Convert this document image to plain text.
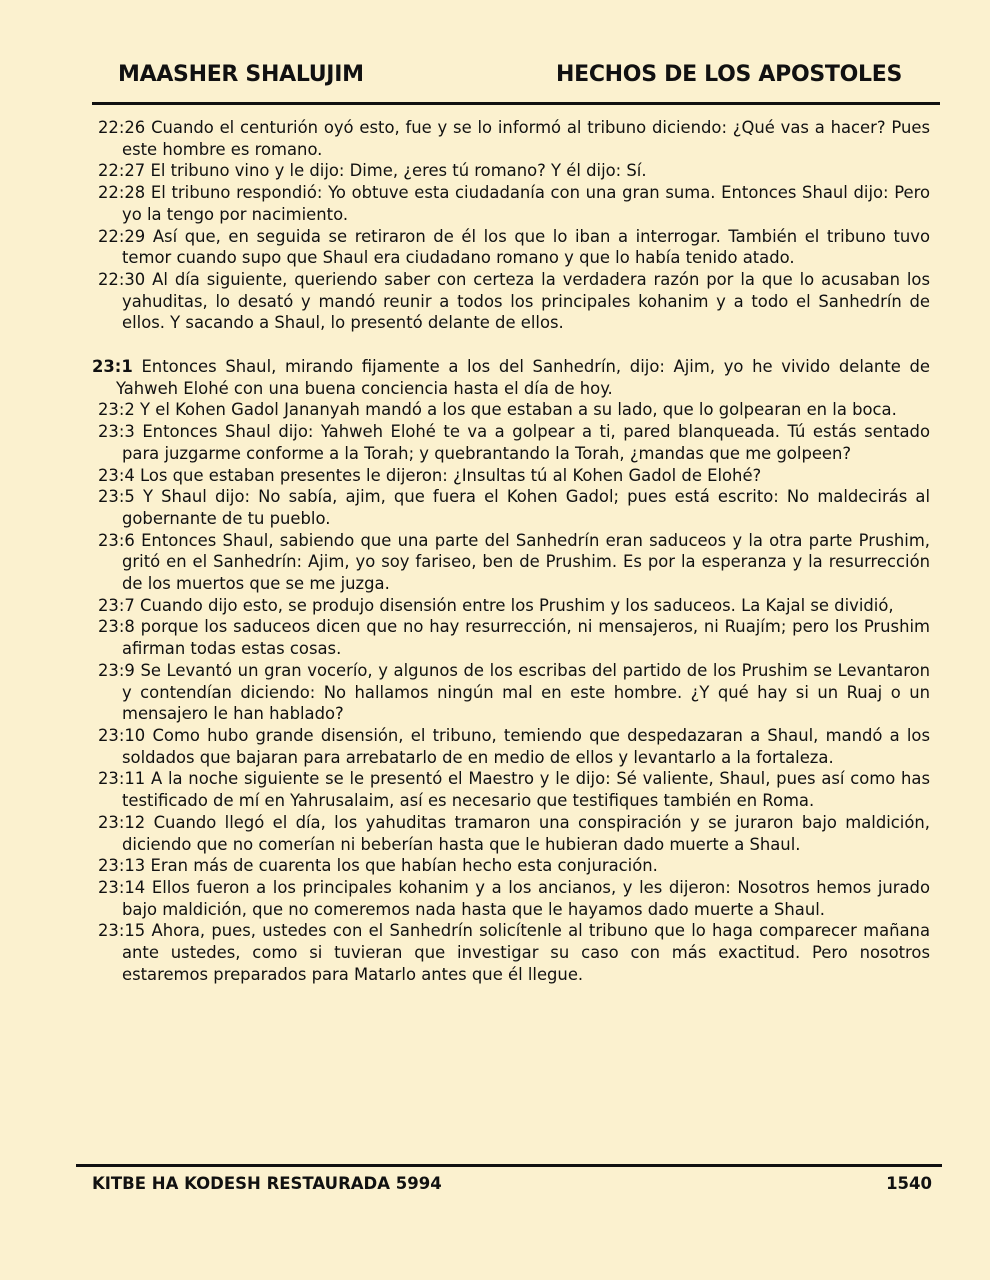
MAASHER SHALUJIM	HECHOS DE LOS APOSTOLES

22:26 Cuando el centurión oyó esto, fue y se lo informó al tribuno diciendo: ¿Qué vas a hacer? Pues este hombre es romano.

22:27 El tribuno vino y le dijo: Dime, ¿eres tú romano? Y él dijo: Sí.

22:28 El tribuno respondió: Yo obtuve esta ciudadanía con una gran suma. Entonces Shaul dijo: Pero yo la tengo por nacimiento.

22:29 Así que, en seguida se retiraron de él los que lo iban a interrogar. También el tribuno tuvo temor cuando supo que Shaul era ciudadano romano y que lo había tenido atado.

22:30 Al día siguiente, queriendo saber con certeza la verdadera razón por la que lo acusaban los yahuditas, lo desató y mandó reunir a todos los principales kohanim y a todo el Sanhedrín de ellos. Y sacando a Shaul, lo presentó delante de ellos.

23:1 Entonces Shaul, mirando fijamente a los del Sanhedrín, dijo: Ajim, yo he vivido delante de Yahweh Elohé con una buena conciencia hasta el día de hoy.

23:2 Y el Kohen Gadol Jananyah mandó a los que estaban a su lado, que lo golpearan en la boca.

23:3 Entonces Shaul dijo: Yahweh Elohé te va a golpear a ti, pared blanqueada. Tú estás sentado para juzgarme conforme a la Torah; y quebrantando la Torah, ¿mandas que me golpeen?

23:4 Los que estaban presentes le dijeron: ¿Insultas tú al Kohen Gadol de Elohé?

23:5 Y Shaul dijo: No sabía, ajim, que fuera el Kohen Gadol; pues está escrito: No maldecirás al gobernante de tu pueblo.

23:6 Entonces Shaul, sabiendo que una parte del Sanhedrín eran saduceos y la otra parte Prushim, gritó en el Sanhedrín: Ajim, yo soy fariseo, ben de Prushim. Es por la esperanza y la resurrección de los muertos que se me juzga.

23:7 Cuando dijo esto, se produjo disensión entre los Prushim y los saduceos. La Kajal se dividió,

23:8 porque los saduceos dicen que no hay resurrección, ni mensajeros, ni Ruajím; pero los Prushim afirman todas estas cosas.

23:9 Se Levantó un gran vocerío, y algunos de los escribas del partido de los Prushim se Levantaron y contendían diciendo: No hallamos ningún mal en este hombre. ¿Y qué hay si un Ruaj o un mensajero le han hablado?

23:10 Como hubo grande disensión, el tribuno, temiendo que despedazaran a Shaul, mandó a los soldados que bajaran para arrebatarlo de en medio de ellos y levantarlo a la fortaleza.

23:11 A la noche siguiente se le presentó el Maestro y le dijo: Sé valiente, Shaul, pues así como has testificado de mí en Yahrusalaim, así es necesario que testifiques también en Roma.

23:12 Cuando llegó el día, los yahuditas tramaron una conspiración y se juraron bajo maldición, diciendo que no comerían ni beberían hasta que le hubieran dado muerte a Shaul.

23:13 Eran más de cuarenta los que habían hecho esta conjuración.

23:14 Ellos fueron a los principales kohanim y a los ancianos, y les dijeron: Nosotros hemos jurado bajo maldición, que no comeremos nada hasta que le hayamos dado muerte a Shaul.

23:15 Ahora, pues, ustedes con el Sanhedrín solicítenle al tribuno que lo haga comparecer mañana ante ustedes, como si tuvieran que investigar su caso con más exactitud. Pero nosotros estaremos preparados para Matarlo antes que él llegue.

KITBE HA KODESH RESTAURADA 5994	1540
